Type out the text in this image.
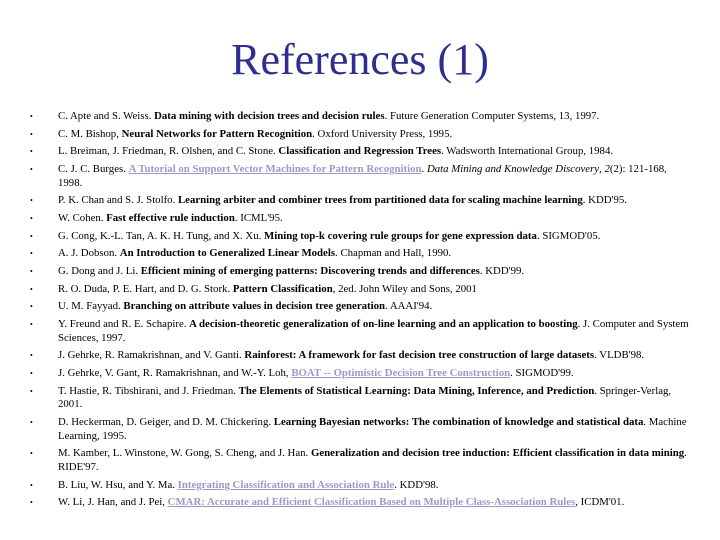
References (1)
• C. Apte and S. Weiss. Data mining with decision trees and decision rules. Future Generation Computer Systems, 13, 1997.
• C. M. Bishop, Neural Networks for Pattern Recognition. Oxford University Press, 1995.
• L. Breiman, J. Friedman, R. Olshen, and C. Stone. Classification and Regression Trees. Wadsworth International Group, 1984.
• C. J. C. Burges. A Tutorial on Support Vector Machines for Pattern Recognition. Data Mining and Knowledge Discovery, 2(2): 121-168, 1998.
• P. K. Chan and S. J. Stolfo. Learning arbiter and combiner trees from partitioned data for scaling machine learning. KDD'95.
• W. Cohen. Fast effective rule induction. ICML'95.
• G. Cong, K.-L. Tan, A. K. H. Tung, and X. Xu. Mining top-k covering rule groups for gene expression data. SIGMOD'05.
• A. J. Dobson. An Introduction to Generalized Linear Models. Chapman and Hall, 1990.
• G. Dong and J. Li. Efficient mining of emerging patterns: Discovering trends and differences. KDD'99.
• R. O. Duda, P. E. Hart, and D. G. Stork. Pattern Classification, 2ed. John Wiley and Sons, 2001
• U. M. Fayyad. Branching on attribute values in decision tree generation. AAAI'94.
• Y. Freund and R. E. Schapire. A decision-theoretic generalization of on-line learning and an application to boosting. J. Computer and System Sciences, 1997.
• J. Gehrke, R. Ramakrishnan, and V. Ganti. Rainforest: A framework for fast decision tree construction of large datasets. VLDB'98.
• J. Gehrke, V. Gant, R. Ramakrishnan, and W.-Y. Loh, BOAT -- Optimistic Decision Tree Construction. SIGMOD'99.
• T. Hastie, R. Tibshirani, and J. Friedman. The Elements of Statistical Learning: Data Mining, Inference, and Prediction. Springer-Verlag, 2001.
• D. Heckerman, D. Geiger, and D. M. Chickering. Learning Bayesian networks: The combination of knowledge and statistical data. Machine Learning, 1995.
• M. Kamber, L. Winstone, W. Gong, S. Cheng, and J. Han. Generalization and decision tree induction: Efficient classification in data mining. RIDE'97.
• B. Liu, W. Hsu, and Y. Ma. Integrating Classification and Association Rule. KDD'98.
• W. Li, J. Han, and J. Pei, CMAR: Accurate and Efficient Classification Based on Multiple Class-Association Rules, ICDM'01.
